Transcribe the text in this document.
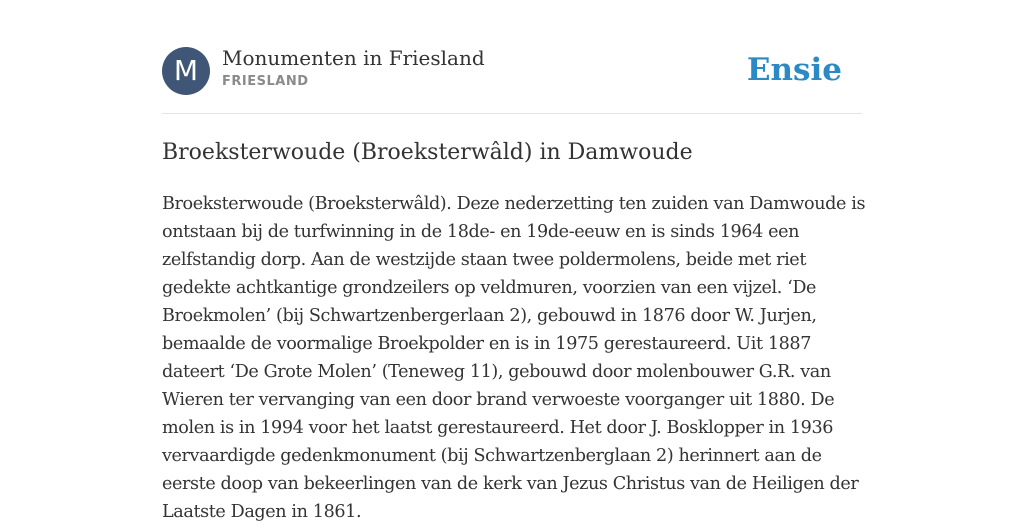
M	Monumenten in Friesland
FRIESLAND	Ensie
Broeksterwoude (Broeksterwâld) in Damwoude

Broeksterwoude (Broeksterwâld). Deze nederzetting ten zuiden van Damwoude is
ontstaan bij de turfwinning in de 18de- en 19de-eeuw en is sinds 1964 een
zelfstandig dorp. Aan de westzijde staan twee poldermolens, beide met riet
gedekte achtkantige grondzeilers op veldmuren, voorzien van een vijzel. ‘De
Broekmolen’ (bij Schwartzenbergerlaan 2), gebouwd in 1876 door W. Jurjen,
bemaalde de voormalige Broekpolder en is in 1975 gerestaureerd. Uit 1887
dateert ‘De Grote Molen’ (Teneweg 11), gebouwd door molenbouwer G.R. van
Wieren ter vervanging van een door brand verwoeste voorganger uit 1880. De
molen is in 1994 voor het laatst gerestaureerd. Het door J. Bosklopper in 1936
vervaardigde gedenkmonument (bij Schwartzenberglaan 2) herinnert aan de
eerste doop van bekeerlingen van de kerk van Jezus Christus van de Heiligen der
Laatste Dagen in 1861.
